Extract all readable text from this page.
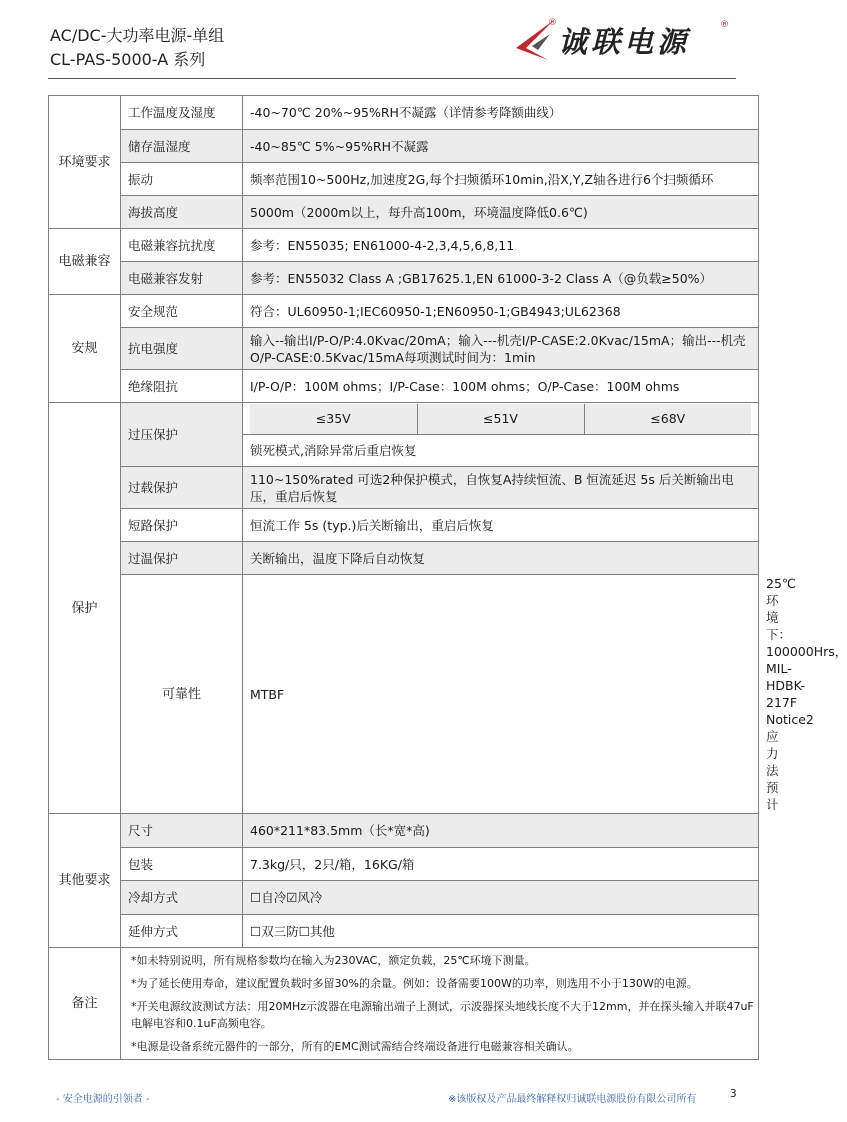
AC/DC-大功率电源-单组
CL-PAS-5000-A 系列
诚联电源
®	®
环境要求	工作温度及湿度	-40~70℃ 20%~95%RH不凝露（详情参考降额曲线）
储存温湿度	-40~85℃ 5%~95%RH不凝露
振动	频率范围10~500Hz,加速度2G,每个扫频循环10min,沿X,Y,Z轴各进行6个扫频循环
海拔高度	5000m（2000m以上，每升高100m，环境温度降低0.6℃)
电磁兼容	电磁兼容抗扰度	参考：EN55035; EN61000-4-2,3,4,5,6,8,11
电磁兼容发射	参考：EN55032 Class A ;GB17625.1,EN 61000-3-2 Class A（@负载≥50%）
安规	安全规范	符合：UL60950-1;IEC60950-1;EN60950-1;GB4943;UL62368
抗电强度	输入--输出I/P-O/P:4.0Kvac/20mA；输入---机壳I/P-CASE:2.0Kvac/15mA；输出---机壳O/P-CASE:0.5Kvac/15mA每项测试时间为：1min
绝缘阻抗	I/P-O/P：100M ohms；I/P-Case：100M ohms；O/P-Case：100M ohms
保护	过压保护	
≤35V	≤51V	≤68V

锁死模式,消除异常后重启恢复
过载保护	110~150%rated 可选2种保护模式，自恢复A持续恒流、B 恒流延迟 5s 后关断输出电压，重启后恢复
短路保护	恒流工作 5s (typ.)后关断输出，重启后恢复
过温保护	关断输出，温度下降后自动恢复
可靠性	MTBF	25℃环境下：100000Hrs，MIL-HDBK-217F Notice2应力法预计
其他要求	尺寸	460*211*83.5mm（长*宽*高)
包装	7.3kg/只，2只/箱，16KG/箱
冷却方式	☐自冷☑风冷
延伸方式	☐双三防☐其他
备注	
*如未特别说明，所有规格参数均在输入为230VAC，额定负载，25℃环境下测量。
*为了延长使用寿命，建议配置负载时多留30%的余量。例如：设备需要100W的功率，则选用不小于130W的电源。
*开关电源纹波测试方法：用20MHz示波器在电源输出端子上测试，示波器探头地线长度不大于12mm，并在探头输入并联47uF电解电容和0.1uF高频电容。
*电源是设备系统元器件的一部分，所有的EMC测试需结合终端设备进行电磁兼容相关确认。
- 安全电源的引领者 -	※该版权及产品最终解释权归诚联电源股份有限公司所有	3
